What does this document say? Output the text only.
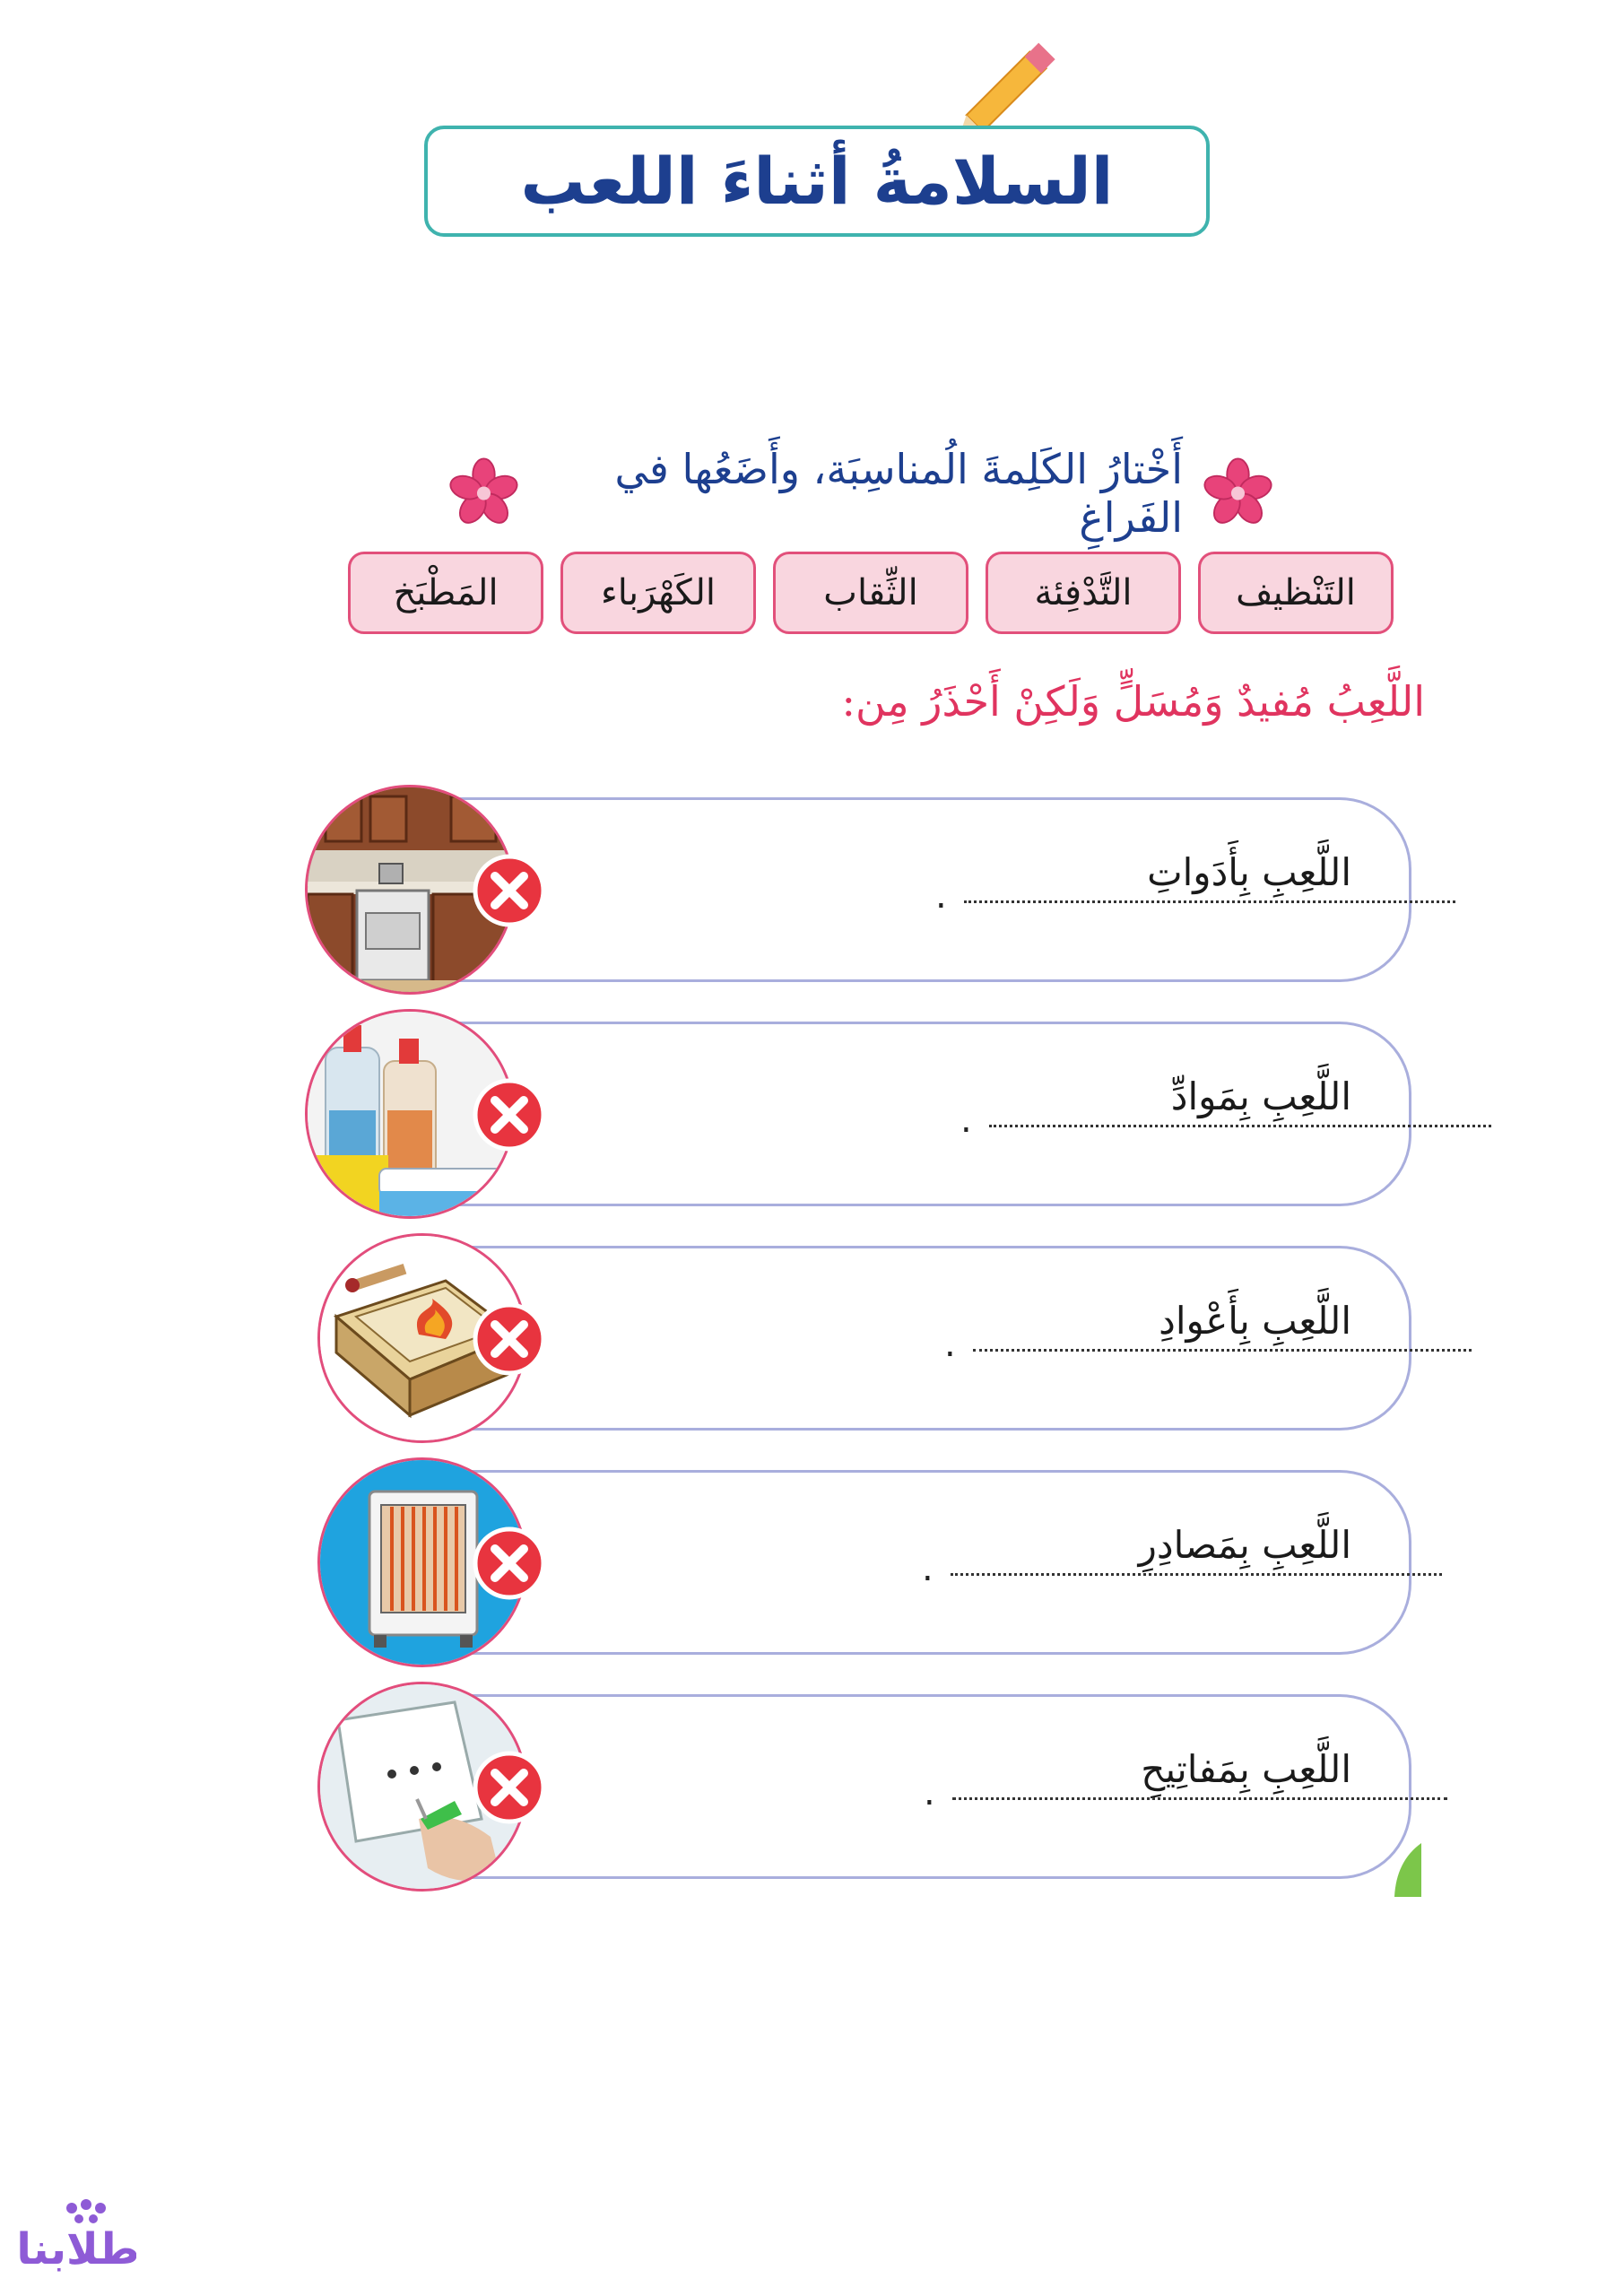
السلامةُ أثناءَ اللعب
أَخْتارُ الكَلِمةَ الُمناسِبَة، وأَضَعُها في الفَراغِ
التَنْظيف
التَّدْفِئة
الثِّقاب
الكَهْرَباء
المَطْبَخ
اللَّعِبُ مُفيدٌ وَمُسَلٍّ وَلَكِنْ أَحْذَرُ مِن:
اللَّعِبِ بِأَدَواتِ
.
اللَّعِبِ بِمَوادِّ
.
اللَّعِبِ بِأَعْوادِ
.
اللَّعِبِ بِمَصادِرِ
.
اللَّعِبِ بِمَفاتِيحِ
.
طلابنا
